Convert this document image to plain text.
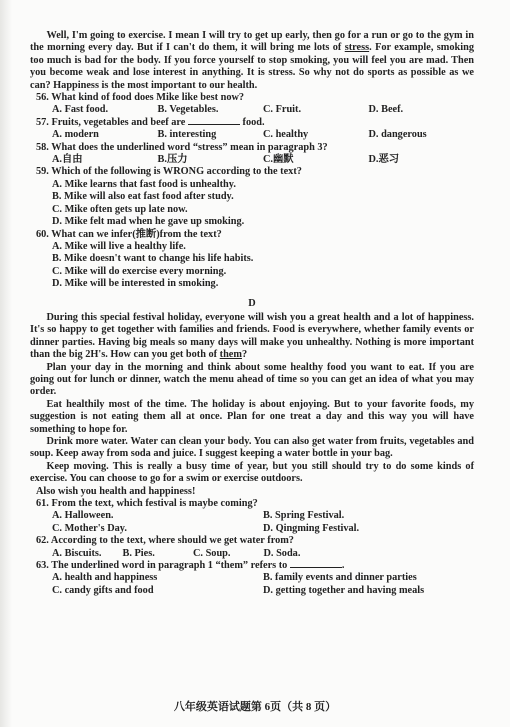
Well, I'm going to exercise. I mean I will try to get up early, then go for a run or go to the gym in the morning every day. But if I can't do them, it will bring me lots of stress. For example, smoking too much is bad for the body. If you force yourself to stop smoking, you will feel you are mad. Then you become weak and lose interest in anything. It is stress. So why not do sports as possible as we can? Happiness is the most important to our health.

56. What kind of food does Mike like best now?
A. Fast food.	B. Vegetables.	C. Fruit.	D. Beef.
57. Fruits, vegetables and beef are	food.
A. modern	B. interesting	C. healthy	D. dangerous
58. What does the underlined word “stress” mean in paragraph 3?
A.自由	B.压力	C.幽默	D.恶习
59. Which of the following is WRONG according to the text?
A. Mike learns that fast food is unhealthy.
B. Mike will also eat fast food after study.
C. Mike often gets up late now.
D. Mike felt mad when he gave up smoking.
60. What can we infer(推断)from the text?
A. Mike will live a healthy life.
B. Mike doesn't want to change his life habits.
C. Mike will do exercise every morning.
D. Mike will be interested in smoking.
D

During this special festival holiday, everyone will wish you a great health and a lot of happiness. It's so happy to get together with families and friends. Food is everywhere, whether family events or dinner parties. Having big meals so many days will make you unhealthy. Nothing is more important than the big 2H's. How can you get both of them?

Plan your day in the morning and think about some healthy food you want to eat. If you are going out for lunch or dinner, watch the menu ahead of time so you can get an idea of what you may order.

Eat healthily most of the time. The holiday is about enjoying. But to your favorite foods, my suggestion is not eating them all at once. Plan for one treat a day and this way you will have something to hope for.

Drink more water. Water can clean your body. You can also get water from fruits, vegetables and soup. Keep away from soda and juice. I suggest keeping a water bottle in your bag.

Keep moving. This is really a busy time of year, but you still should try to do some kinds of exercise. You can choose to go for a swim or exercise outdoors.

Also wish you health and happiness!

61. From the text, which festival is maybe coming?
A. Halloween.	B. Spring Festival.
C. Mother's Day.	D. Qingming Festival.
62. According to the text, where should we get water from?
A. Biscuits.	B. Pies.	C. Soup.	D. Soda.
63. The underlined word in paragraph 1 “them” refers to	.
A. health and happiness	B. family events and dinner parties
C. candy gifts and food	D. getting together and having meals
八年级英语试题第 6页（共 8 页）
